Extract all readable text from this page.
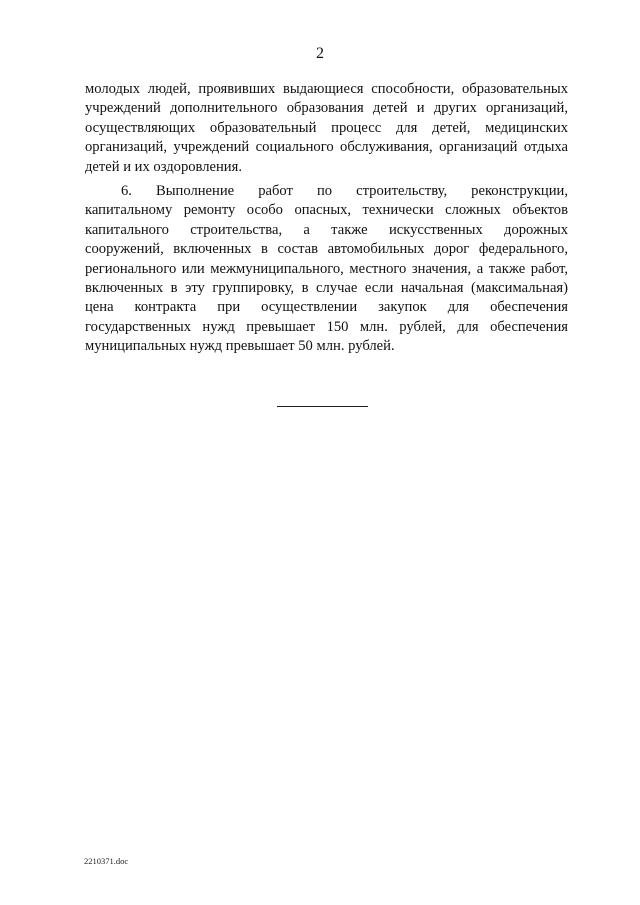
2
молодых людей, проявивших выдающиеся способности, образовательных
учреждений дополнительного образования детей и других организаций,
осуществляющих образовательный процесс для детей, медицинских
организаций, учреждений социального обслуживания, организаций отдыха
детей и их оздоровления.
6. Выполнение работ по строительству, реконструкции,
капитальному ремонту особо опасных, технически сложных объектов
капитального строительства, а также искусственных дорожных
сооружений, включенных в состав автомобильных дорог федерального,
регионального или межмуниципального, местного значения, а также работ,
включенных в эту группировку, в случае если начальная (максимальная)
цена контракта при осуществлении закупок для обеспечения
государственных нужд превышает 150 млн. рублей, для обеспечения
муниципальных нужд превышает 50 млн. рублей.
2210371.doc
